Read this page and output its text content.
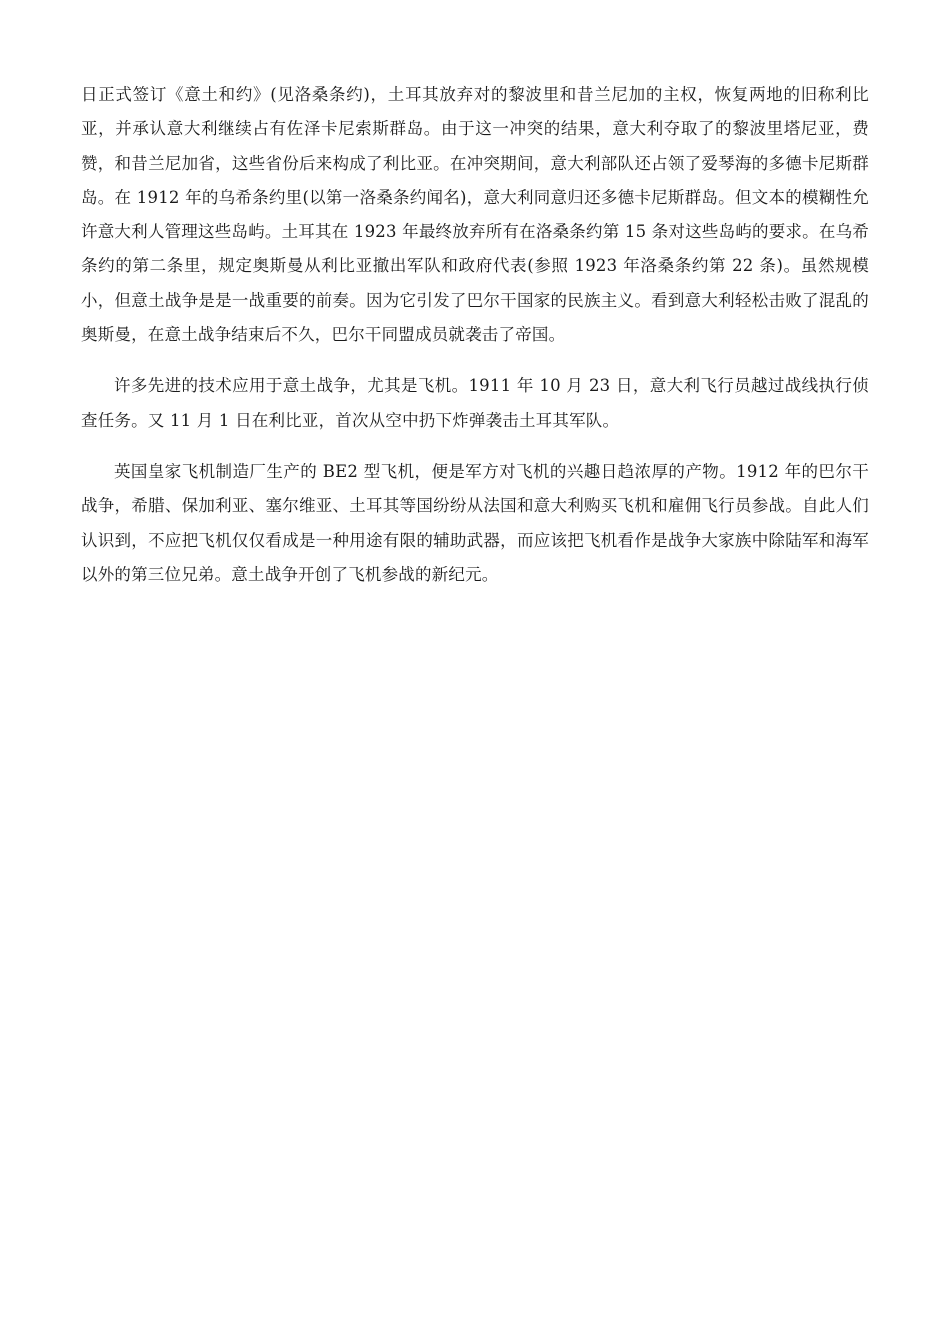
日正式签订《意土和约》(见洛桑条约)，土耳其放弃对的黎波里和昔兰尼加的主权，恢复两地的旧称利比亚，并承认意大利继续占有佐泽卡尼索斯群岛。由于这一冲突的结果，意大利夺取了的黎波里塔尼亚，费赞，和昔兰尼加省，这些省份后来构成了利比亚。在冲突期间，意大利部队还占领了爱琴海的多德卡尼斯群岛。在 1912 年的乌希条约里(以第一洛桑条约闻名)，意大利同意归还多德卡尼斯群岛。但文本的模糊性允许意大利人管理这些岛屿。土耳其在 1923 年最终放弃所有在洛桑条约第 15 条对这些岛屿的要求。在乌希条约的第二条里，规定奥斯曼从利比亚撤出军队和政府代表(参照 1923 年洛桑条约第 22 条)。虽然规模小，但意土战争是是一战重要的前奏。因为它引发了巴尔干国家的民族主义。看到意大利轻松击败了混乱的奥斯曼，在意土战争结束后不久，巴尔干同盟成员就袭击了帝国。

许多先进的技术应用于意土战争，尤其是飞机。1911 年 10 月 23 日，意大利飞行员越过战线执行侦查任务。又 11 月 1 日在利比亚，首次从空中扔下炸弹袭击土耳其军队。

英国皇家飞机制造厂生产的 BE2 型飞机，便是军方对飞机的兴趣日趋浓厚的产物。1912 年的巴尔干战争，希腊、保加利亚、塞尔维亚、土耳其等国纷纷从法国和意大利购买飞机和雇佣飞行员参战。自此人们认识到，不应把飞机仅仅看成是一种用途有限的辅助武器，而应该把飞机看作是战争大家族中除陆军和海军以外的第三位兄弟。意土战争开创了飞机参战的新纪元。
